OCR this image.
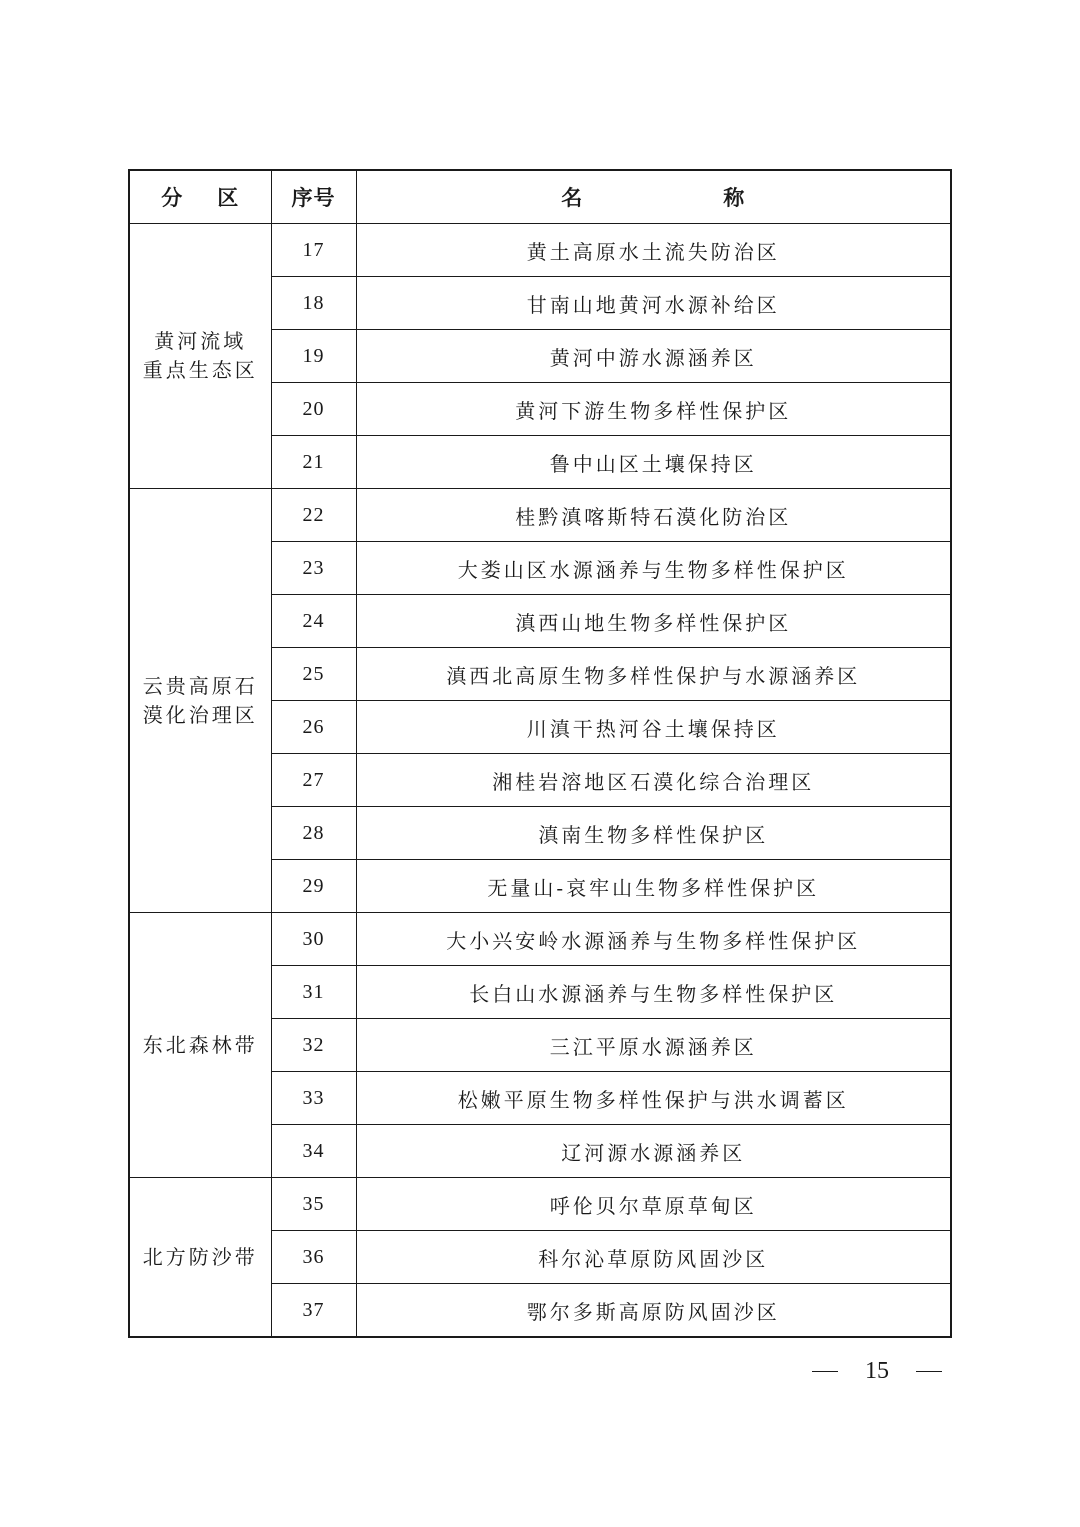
分 区	序号	名 称

黄河流域
重点生态区	17	黄土高原水土流失防治区
	18	甘南山地黄河水源补给区
	19	黄河中游水源涵养区
	20	黄河下游生物多样性保护区
	21	鲁中山区土壤保持区

云贵高原石
漠化治理区	22	桂黔滇喀斯特石漠化防治区
	23	大娄山区水源涵养与生物多样性保护区
	24	滇西山地生物多样性保护区
	25	滇西北高原生物多样性保护与水源涵养区
	26	川滇干热河谷土壤保持区
	27	湘桂岩溶地区石漠化综合治理区
	28	滇南生物多样性保护区
	29	无量山-哀牢山生物多样性保护区

东北森林带	30	大小兴安岭水源涵养与生物多样性保护区
	31	长白山水源涵养与生物多样性保护区
	32	三江平原水源涵养区
	33	松嫩平原生物多样性保护与洪水调蓄区
	34	辽河源水源涵养区

北方防沙带	35	呼伦贝尔草原草甸区
	36	科尔沁草原防风固沙区
	37	鄂尔多斯高原防风固沙区
15
